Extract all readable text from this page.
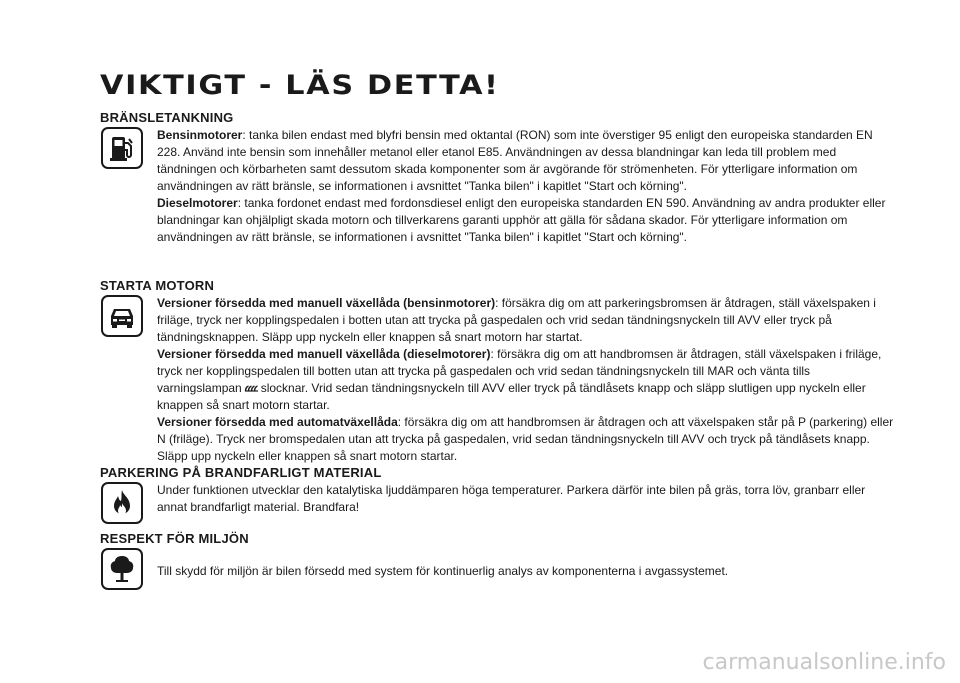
VIKTIGT - LÄS DETTA!
BRÄNSLETANKNING

Bensinmotorer: tanka bilen endast med blyfri bensin med oktantal (RON) som inte överstiger 95 enligt den europeiska standarden EN 228. Använd inte bensin som innehåller metanol eller etanol E85. Användningen av dessa blandningar kan leda till problem med tändningen och körbarheten samt dessutom skada komponenter som är avgörande för strömenheten. För ytterligare information om användningen av rätt bränsle, se informationen i avsnittet "Tanka bilen" i kapitlet "Start och körning".

Dieselmotorer: tanka fordonet endast med fordonsdiesel enligt den europeiska standarden EN 590. Användning av andra produkter eller blandningar kan ohjälpligt skada motorn och tillverkarens garanti upphör att gälla för sådana skador. För ytterligare information om användningen av rätt bränsle, se informationen i avsnittet "Tanka bilen" i kapitlet "Start och körning".

STARTA MOTORN

Versioner försedda med manuell växellåda (bensinmotorer): försäkra dig om att parkeringsbromsen är åtdragen, ställ växelspaken i friläge, tryck ner kopplingspedalen i botten utan att trycka på gaspedalen och vrid sedan tändningsnyckeln till AVV eller tryck på tändningsknappen. Släpp upp nyckeln eller knappen så snart motorn har startat.

Versioner försedda med manuell växellåda (dieselmotorer): försäkra dig om att handbromsen är åtdragen, ställ växelspaken i friläge, tryck ner kopplingspedalen till botten utan att trycka på gaspedalen och vrid sedan tändningsnyckeln till MAR och vänta tills varningslampan slocknar. Vrid sedan tändningsnyckeln till AVV eller tryck på tändlåsets knapp och släpp slutligen upp nyckeln eller knappen så snart motorn startar.

Versioner försedda med automatväxellåda: försäkra dig om att handbromsen är åtdragen och att växelspaken står på P (parkering) eller N (friläge). Tryck ner bromspedalen utan att trycka på gaspedalen, vrid sedan tändningsnyckeln till AVV och tryck på tändlåsets knapp. Släpp upp nyckeln eller knappen så snart motorn startar.

PARKERING PÅ BRANDFARLIGT MATERIAL

Under funktionen utvecklar den katalytiska ljuddämparen höga temperaturer. Parkera därför inte bilen på gräs, torra löv, granbarr eller annat brandfarligt material. Brandfara!

RESPEKT FÖR MILJÖN

Till skydd för miljön är bilen försedd med system för kontinuerlig analys av komponenterna i avgassystemet.

carmanualsonline.info
